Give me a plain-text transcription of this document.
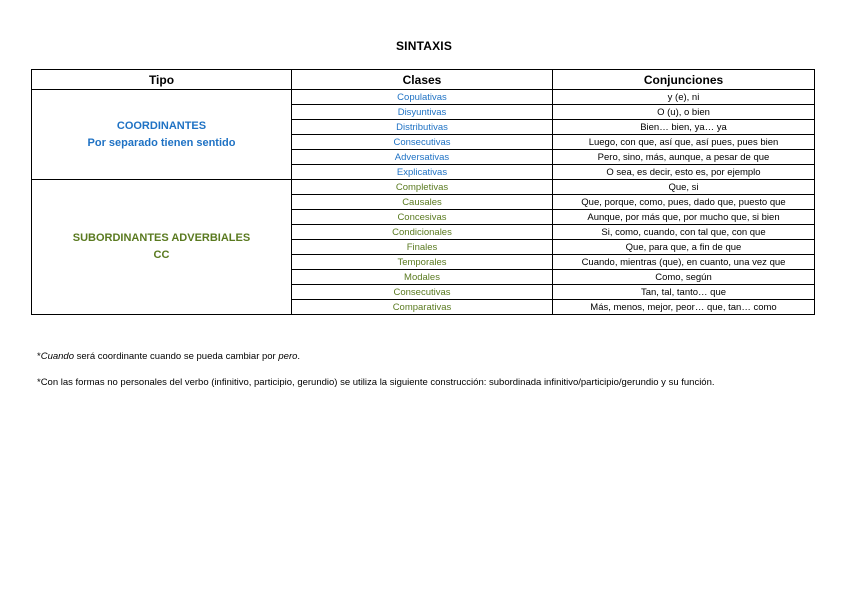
SINTAXIS
Tipo	Clases	Conjunciones

COORDINANTES
Por separado tienen sentido	Copulativas	y (e), ni
	Disyuntivas	O (u), o bien
	Distributivas	Bien… bien, ya… ya
	Consecutivas	Luego, con que, así que, así pues, pues bien
	Adversativas	Pero, sino, más, aunque, a pesar de que
	Explicativas	O sea, es decir, esto es, por ejemplo

SUBORDINANTES ADVERBIALES
CC	Completivas	Que, si
	Causales	Que, porque, como, pues, dado que, puesto que
	Concesivas	Aunque, por más que, por mucho que, si bien
	Condicionales	Si, como, cuando, con tal que, con que
	Finales	Que, para que, a fin de que
	Temporales	Cuando, mientras (que), en cuanto, una vez que
	Modales	Como, según
	Consecutivas	Tan, tal, tanto… que
	Comparativas	Más, menos, mejor, peor… que, tan… como
*Cuando será coordinante cuando se pueda cambiar por pero.
*Con las formas no personales del verbo (infinitivo, participio, gerundio) se utiliza la siguiente construcción: subordinada infinitivo/participio/gerundio y su función.
